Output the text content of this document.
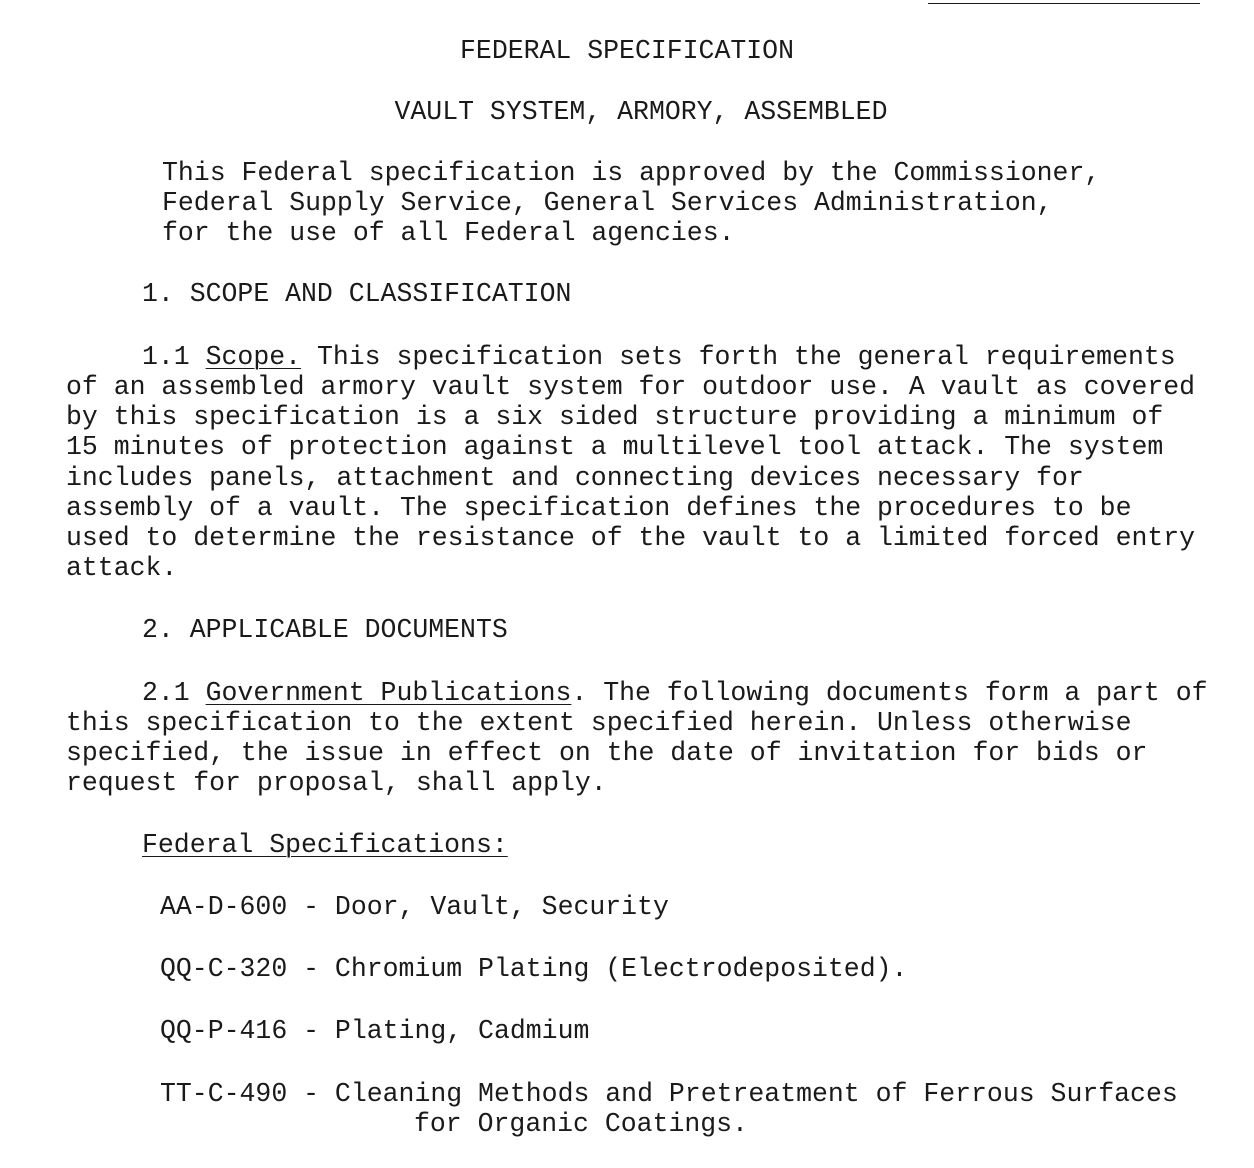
FEDERAL SPECIFICATION
VAULT SYSTEM, ARMORY, ASSEMBLED
This Federal specification is approved by the Commissioner,
Federal Supply Service, General Services Administration,
for the use of all Federal agencies.
1. SCOPE AND CLASSIFICATION
1.1 Scope. This specification sets forth the general requirements
of an assembled armory vault system for outdoor use. A vault as covered
by this specification is a six sided structure providing a minimum of
15 minutes of protection against a multilevel tool attack. The system
includes panels, attachment and connecting devices necessary for
assembly of a vault. The specification defines the procedures to be
used to determine the resistance of the vault to a limited forced entry
attack.
2. APPLICABLE DOCUMENTS
2.1 Government Publications. The following documents form a part of
this specification to the extent specified herein. Unless otherwise
specified, the issue in effect on the date of invitation for bids or
request for proposal, shall apply.
Federal Specifications:
AA-D-600 - Door, Vault, Security
QQ-C-320 - Chromium Plating (Electrodeposited).
QQ-P-416 - Plating, Cadmium
TT-C-490 - Cleaning Methods and Pretreatment of Ferrous Surfaces
for Organic Coatings.
